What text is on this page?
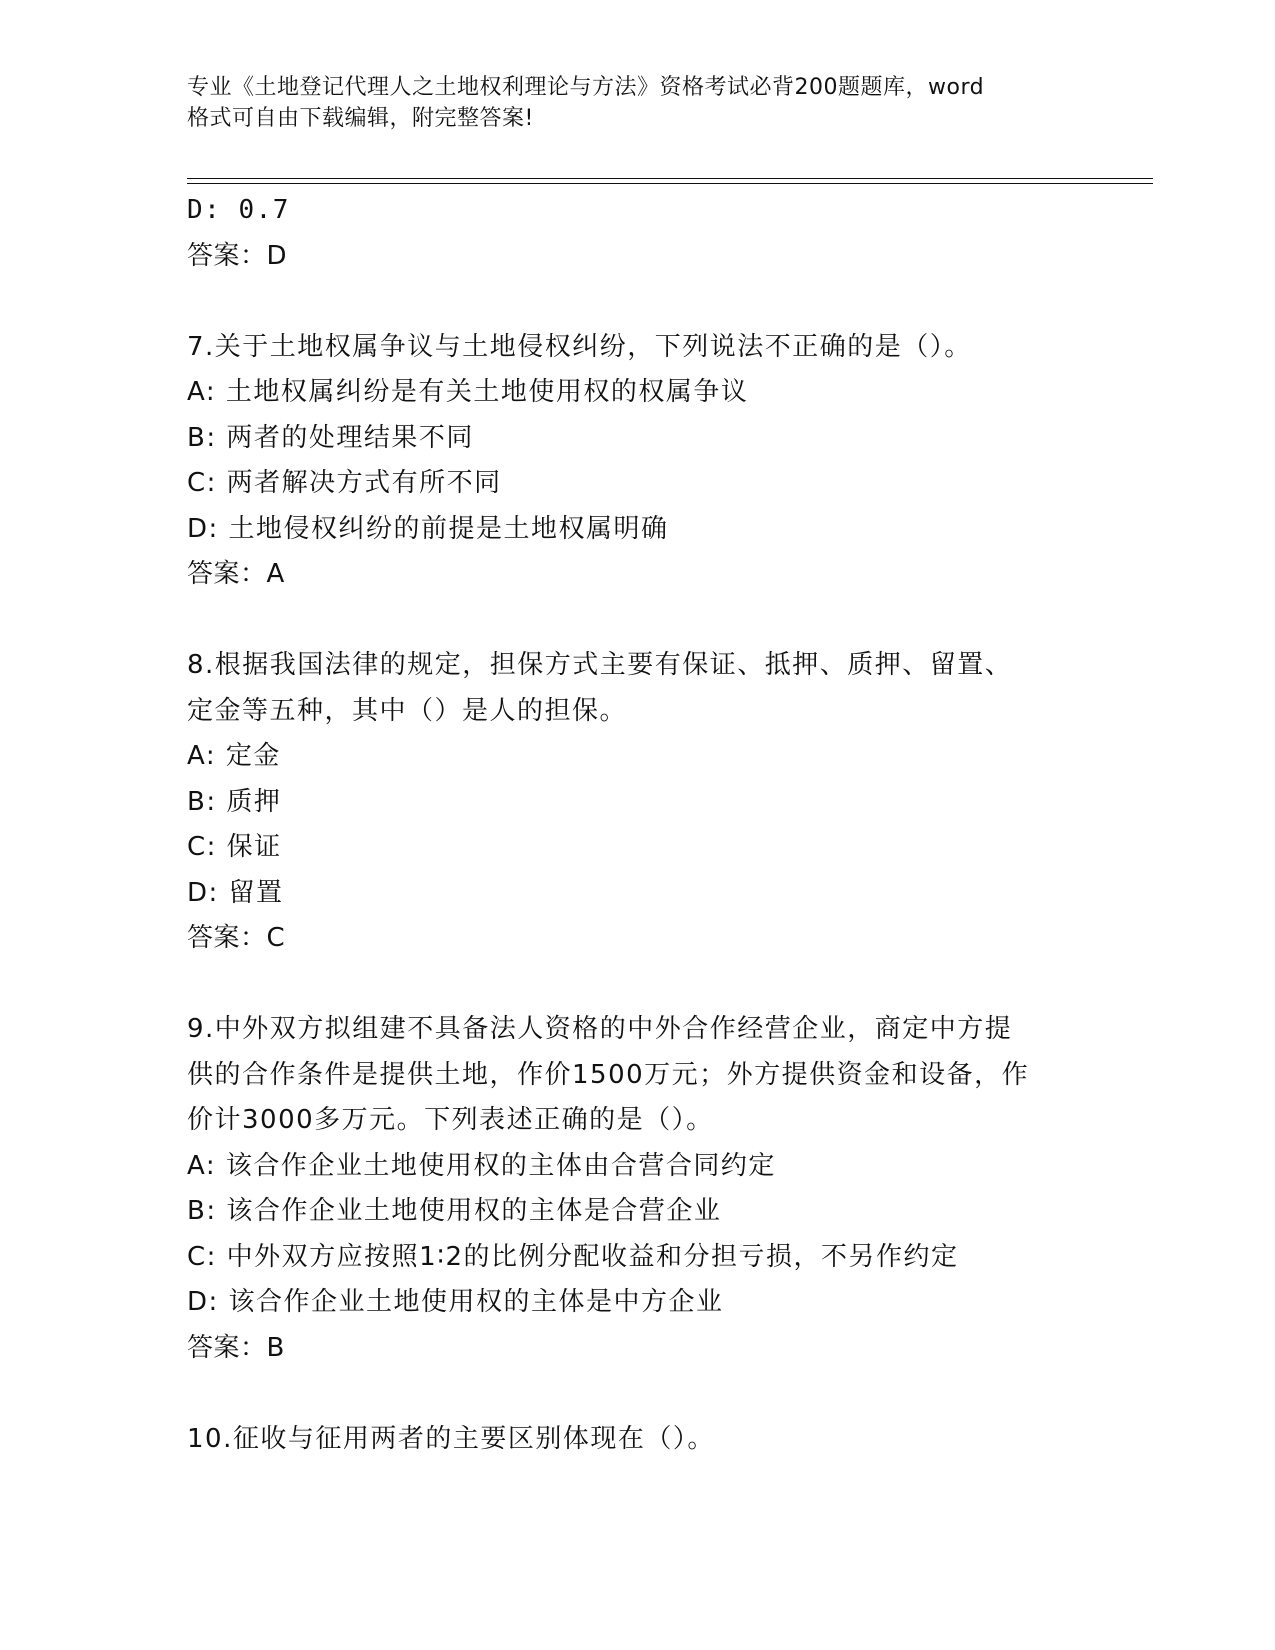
专业《土地登记代理人之土地权利理论与方法》资格考试必背200题题库，word
格式可自由下载编辑，附完整答案!
D: 0.7
答案：D
7.关于土地权属争议与土地侵权纠纷，下列说法不正确的是（）。
A: 土地权属纠纷是有关土地使用权的权属争议
B: 两者的处理结果不同
C: 两者解决方式有所不同
D: 土地侵权纠纷的前提是土地权属明确
答案：A
8.根据我国法律的规定，担保方式主要有保证、抵押、质押、留置、
定金等五种，其中（）是人的担保。
A: 定金
B: 质押
C: 保证
D: 留置
答案：C
9.中外双方拟组建不具备法人资格的中外合作经营企业，商定中方提
供的合作条件是提供土地，作价1500万元；外方提供资金和设备，作
价计3000多万元。下列表述正确的是（）。
A: 该合作企业土地使用权的主体由合营合同约定
B: 该合作企业土地使用权的主体是合营企业
C: 中外双方应按照1∶2的比例分配收益和分担亏损，不另作约定
D: 该合作企业土地使用权的主体是中方企业
答案：B
10.征收与征用两者的主要区别体现在（）。
